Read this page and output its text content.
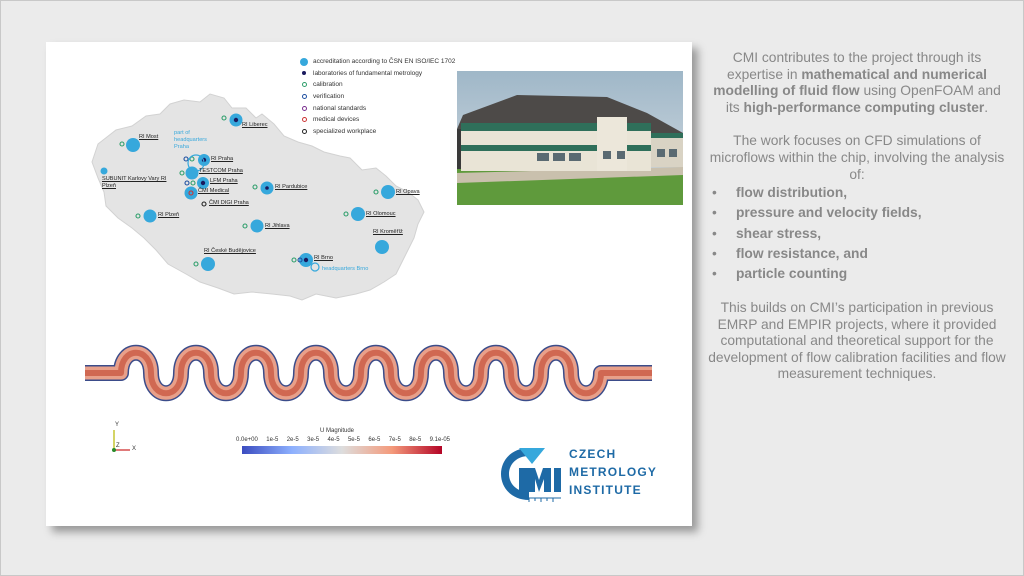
RI Liberec
RI Most
part of headquarters Praha
RI Praha
TESTCOM Praha
LFM Praha
ČMI Medical
ČMI DIGI Praha
SUBUNIT Karlovy Vary RI Plzeň	RI Pardubice
RI Opava
RI Olomouc
RI Plzeň
RI Jihlava
RI Kroměříž
RI České Budějovice
RI Brno
headquarters Brno
accreditation according to ČSN EN ISO/IEC 1702
laboratories of fundamental metrology
calibration
verification
national standards
medical devices
specialized workplace
Y
Z X
U Magnitude
0.0e+00 1e-5 2e-5 3e-5 4e-5 5e-5 6e-5 7e-5 8e-5 9.1e-05
CZECH
METROLOGY
INSTITUTE

CMI contributes to the project through its expertise in mathematical and numerical modelling of fluid flow using OpenFOAM and its high-performance computing cluster.

The work focuses on CFD simulations of microflows within the chip, involving the analysis of:

• flow distribution,
• pressure and velocity fields,
• shear stress,
• flow resistance, and
• particle counting

This builds on CMI’s participation in previous EMRP and EMPIR projects, where it provided computational and theoretical support for the development of flow calibration facilities and flow measurement techniques.
